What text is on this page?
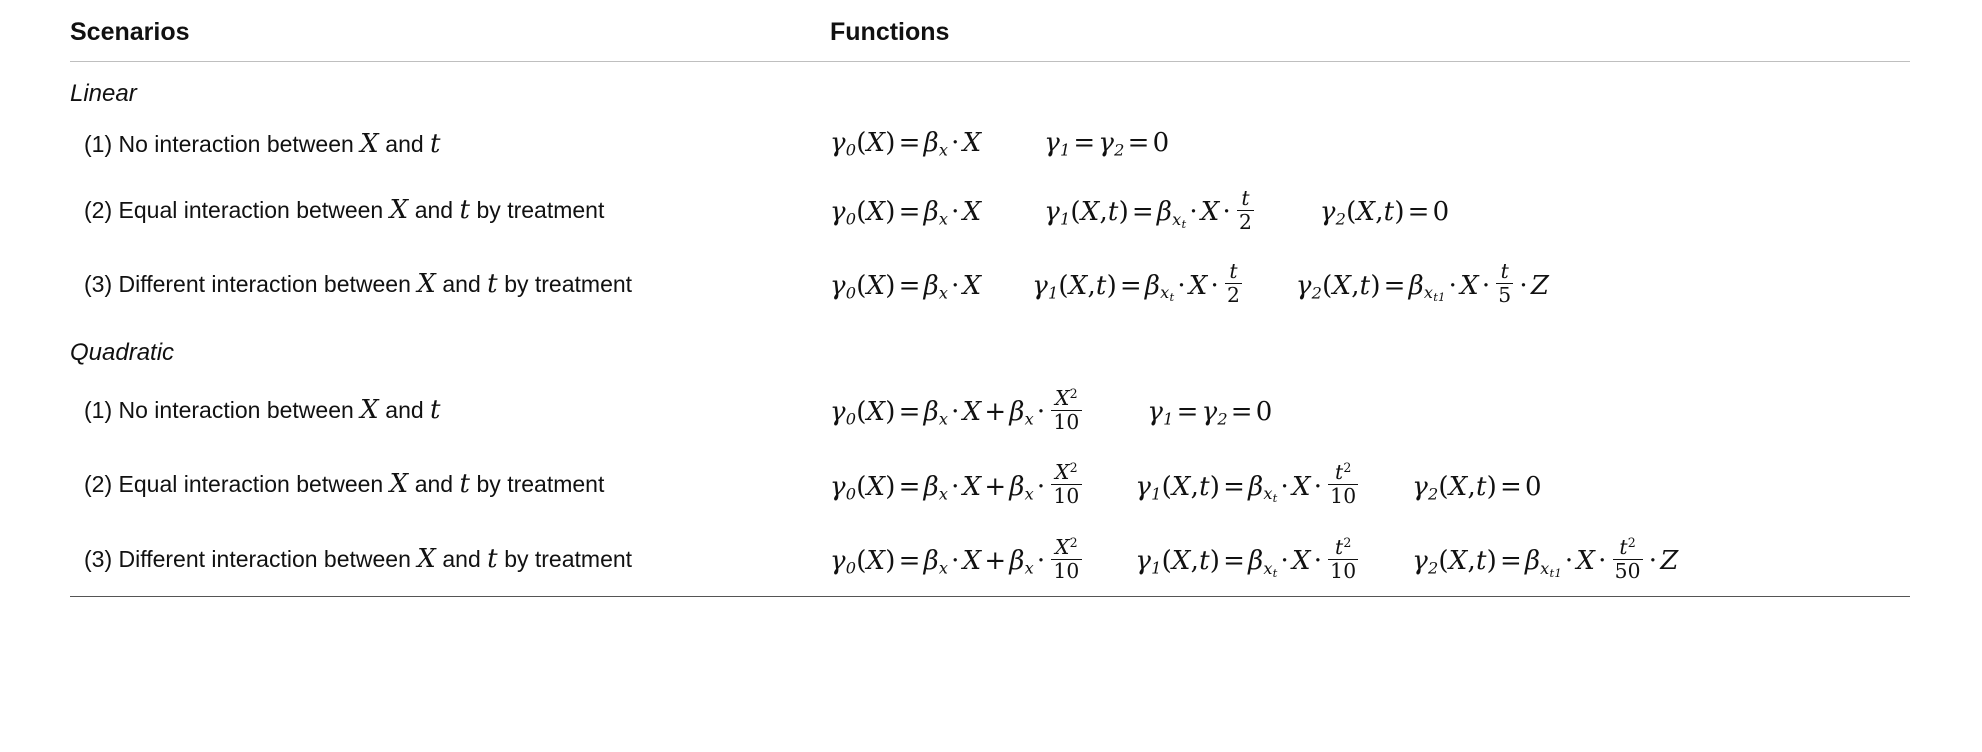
Scenarios	Functions
Linear	
(1) No interaction between X and t	$\gamma_0(X) = \beta_x \cdot X$ $\gamma_1 = \gamma_2 = 0$
(2) Equal interaction between X and t by treatment	$\gamma_0(X) = \beta_x \cdot X$ $\gamma_1(X,t) = \beta_{x_t} \cdot X \cdot \frac{t}{2} \gamma_2(X,t) = 0$
(3) Different interaction between X and t by treatment	$\gamma_0(X) = \beta_x \cdot X$ $\gamma_1(X,t) = \beta_{x_t} \cdot X \cdot \frac{t}{2} \gamma_2(X,t) = \beta_{x_{t1}} \cdot X \cdot \frac{t}{5} \cdot Z$
Quadratic	
(1) No interaction between X and t	$\gamma_0(X) = \beta_x \cdot X + \beta_x \cdot \frac{X^2}{10} \gamma_1 = \gamma_2 = 0$
(2) Equal interaction between X and t by treatment	$\gamma_0(X) = \beta_x \cdot X + \beta_x \cdot \frac{X^2}{10} \gamma_1(X,t) = \beta_{x_t} \cdot X \cdot \frac{t^2}{10} \gamma_2(X,t) = 0$
(3) Different interaction between X and t by treatment	$\gamma_0(X) = \beta_x \cdot X + \beta_x \cdot \frac{X^2}{10} \gamma_1(X,t) = \beta_{x_t} \cdot X \cdot \frac{t^2}{10} \gamma_2(X,t) = \beta_{x_{t1}} \cdot X \cdot \frac{t^2}{50} \cdot Z$
